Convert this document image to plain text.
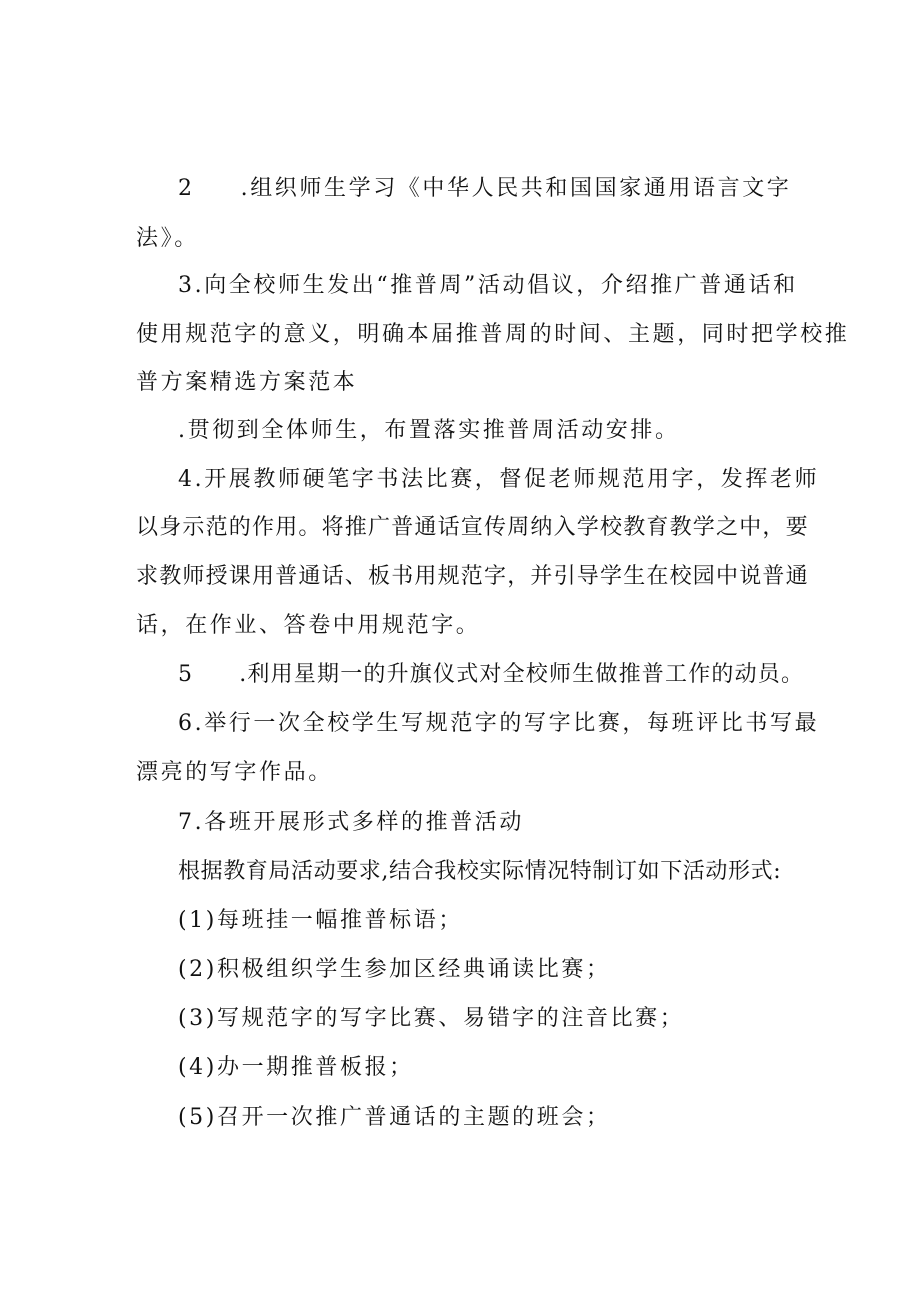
2 .组织师生学习《中华人民共和国国家通用语言文字
法》。
3.向全校师生发出“推普周”活动倡议，介绍推广普通话和
使用规范字的意义，明确本届推普周的时间、主题，同时把学校推
普方案精选方案范本
.贯彻到全体师生，布置落实推普周活动安排。
4.开展教师硬笔字书法比赛，督促老师规范用字，发挥老师
以身示范的作用。将推广普通话宣传周纳入学校教育教学之中，要
求教师授课用普通话、板书用规范字，并引导学生在校园中说普通
话，在作业、答卷中用规范字。
5 .利用星期一的升旗仪式对全校师生做推普工作的动员。
6.举行一次全校学生写规范字的写字比赛，每班评比书写最
漂亮的写字作品。
7.各班开展形式多样的推普活动
根据教育局活动要求,结合我校实际情况特制订如下活动形式:
(1)每班挂一幅推普标语；
(2)积极组织学生参加区经典诵读比赛；
(3)写规范字的写字比赛、易错字的注音比赛；
(4)办一期推普板报；
(5)召开一次推广普通话的主题的班会；
